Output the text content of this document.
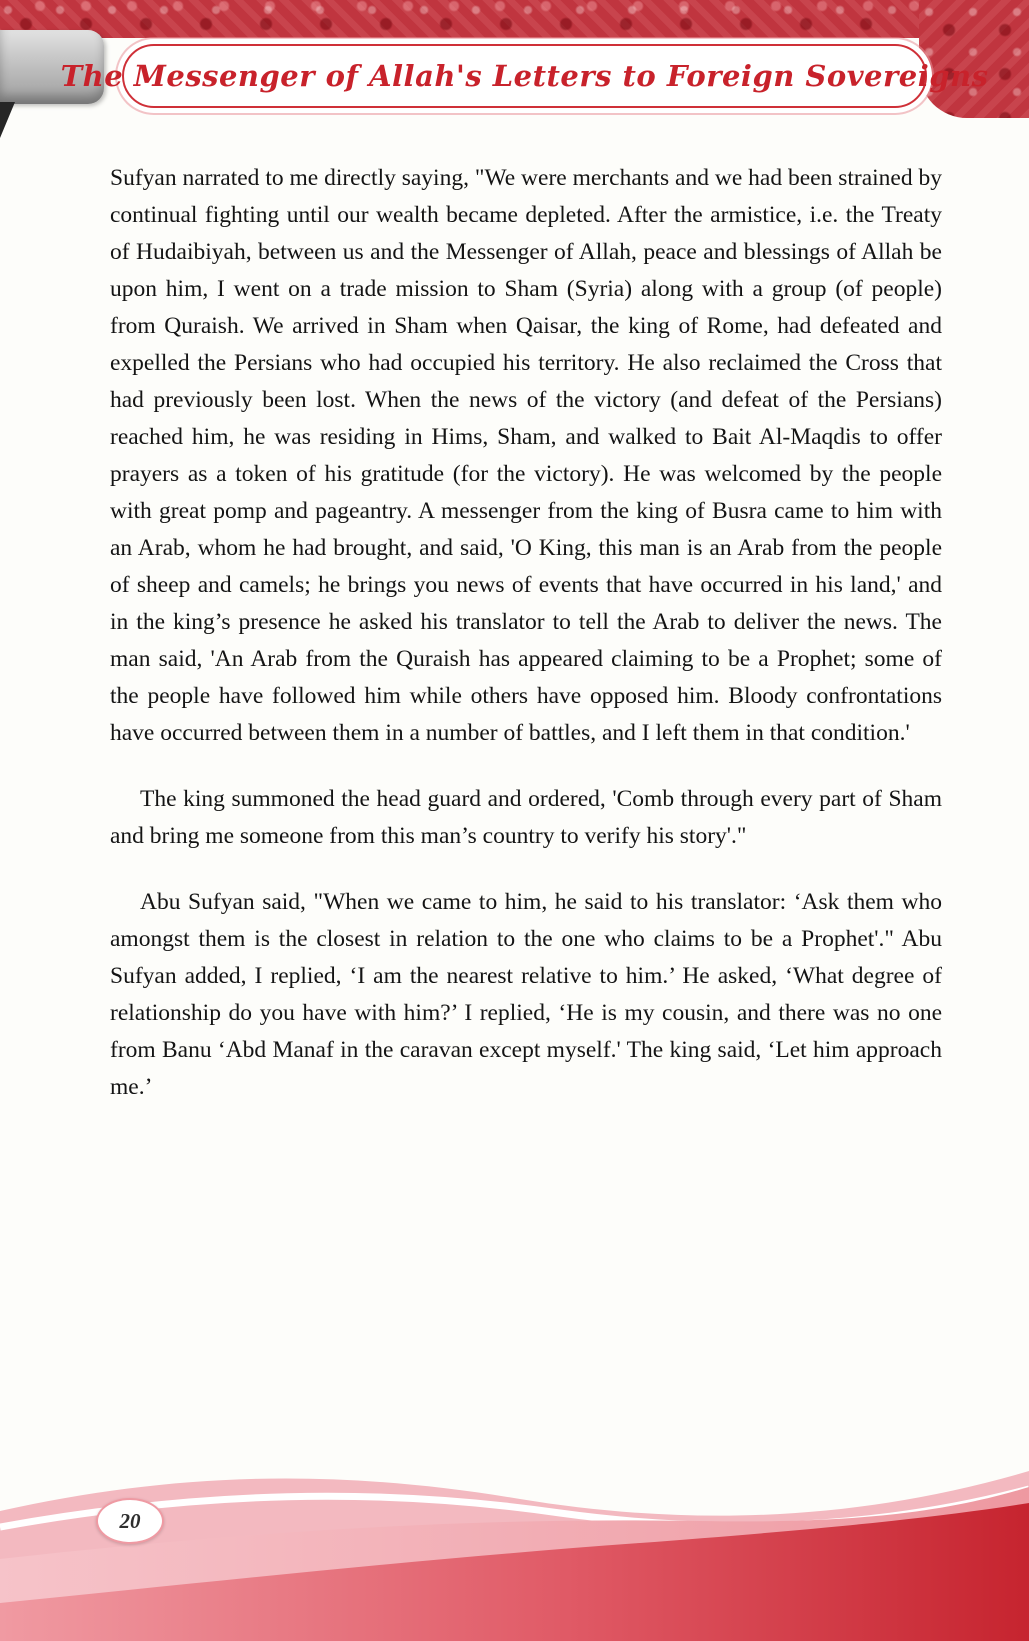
The Messenger of Allah's Letters to Foreign Sovereigns

Sufyan narrated to me directly saying, "We were merchants and we had been strained by continual fighting until our wealth became depleted. After the armistice, i.e. the Treaty of Hudaibiyah, between us and the Messenger of Allah, peace and blessings of Allah be upon him, I went on a trade mission to Sham (Syria) along with a group (of people) from Quraish. We arrived in Sham when Qaisar, the king of Rome, had defeated and expelled the Persians who had occupied his territory. He also reclaimed the Cross that had previously been lost. When the news of the victory (and defeat of the Persians) reached him, he was residing in Hims, Sham, and walked to Bait Al-Maqdis to offer prayers as a token of his gratitude (for the victory). He was welcomed by the people with great pomp and pageantry. A messenger from the king of Busra came to him with an Arab, whom he had brought, and said, 'O King, this man is an Arab from the people of sheep and camels; he brings you news of events that have occurred in his land,' and in the king’s presence he asked his translator to tell the Arab to deliver the news. The man said, 'An Arab from the Quraish has appeared claiming to be a Prophet; some of the people have followed him while others have opposed him. Bloody confrontations have occurred between them in a number of battles, and I left them in that condition.'

The king summoned the head guard and ordered, 'Comb through every part of Sham and bring me someone from this man’s country to verify his story'."

Abu Sufyan said, "When we came to him, he said to his translator: ‘Ask them who amongst them is the closest in relation to the one who claims to be a Prophet'." Abu Sufyan added, I replied, ‘I am the nearest relative to him.’ He asked, ‘What degree of relationship do you have with him?’ I replied, ‘He is my cousin, and there was no one from Banu ‘Abd Manaf in the caravan except myself.' The king said, ‘Let him approach me.’

20
